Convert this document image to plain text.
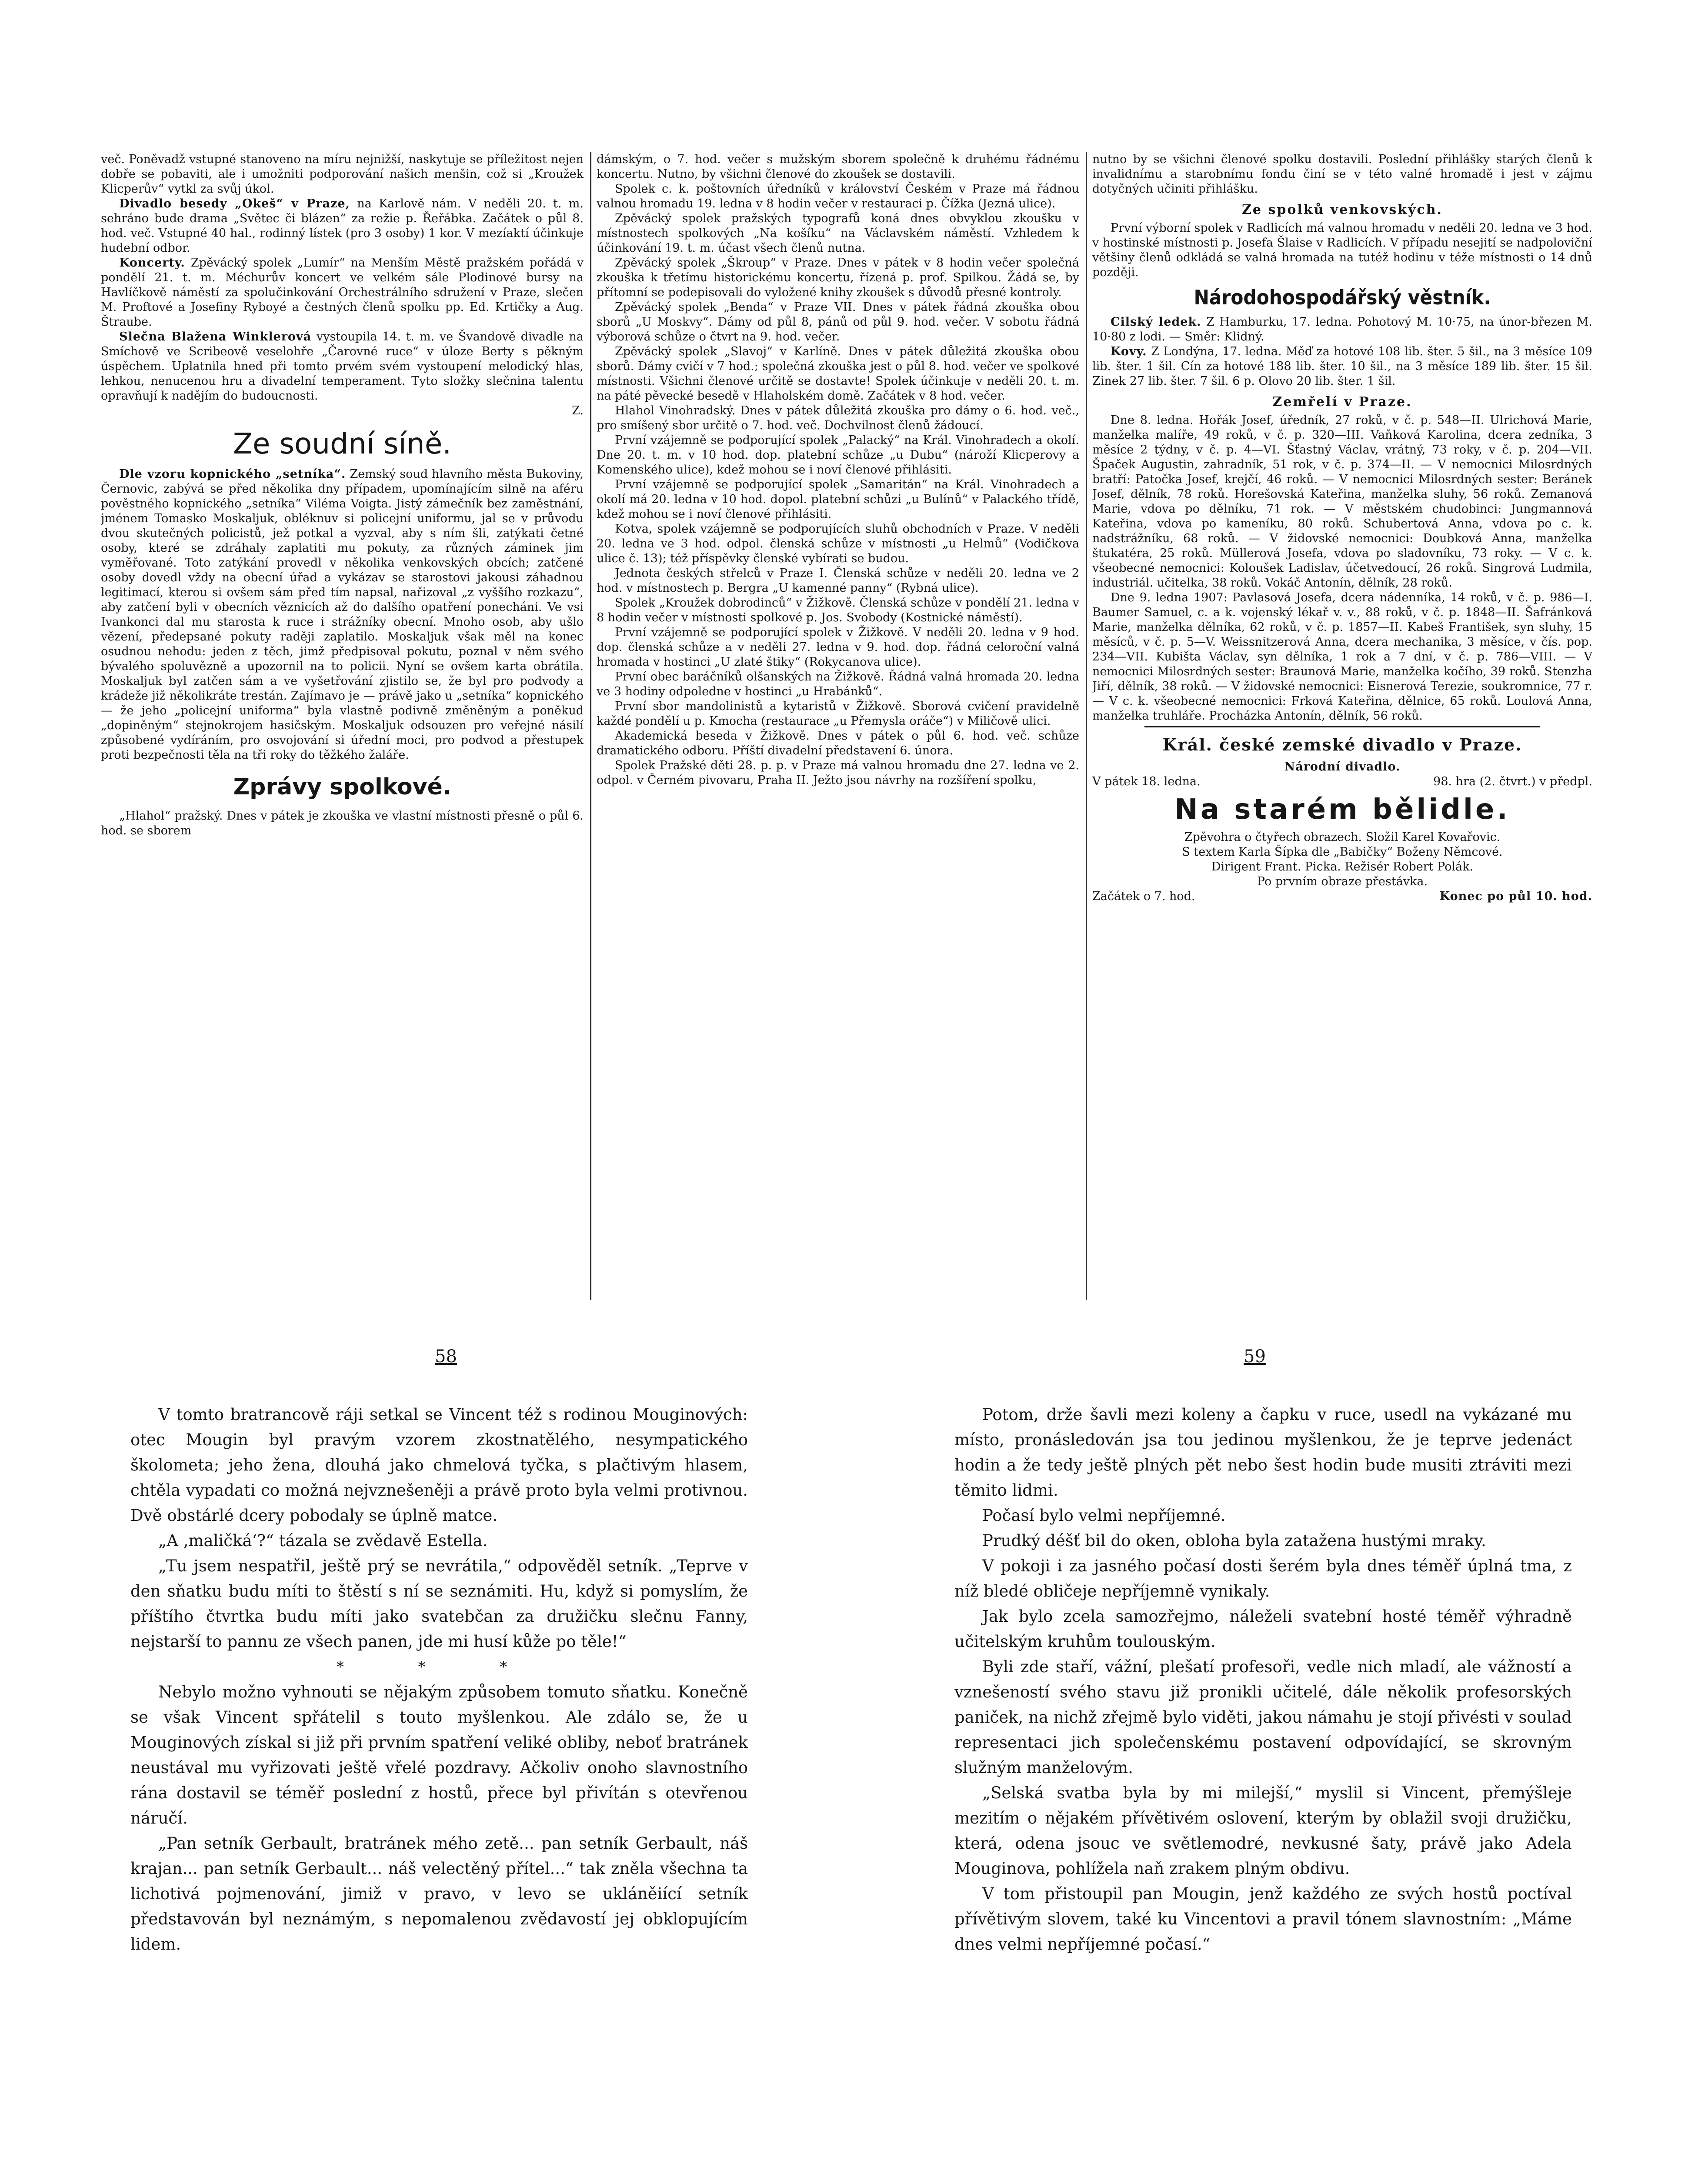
več. Poněvadž vstupné stanoveno na míru nejnižší, naskytuje se příležitost nejen dobře se pobaviti, ale i umožniti podporování našich menšin, což si „Kroužek Klicperův“ vytkl za svůj úkol.

Divadlo besedy „Okeš“ v Praze, na Karlově nám. V neděli 20. t. m. sehráno bude drama „Světec či blázen“ za režie p. Řeřábka. Začátek o půl 8. hod. več. Vstupné 40 hal., rodinný lístek (pro 3 osoby) 1 kor. V mezíaktí účinkuje hudební odbor.

Koncerty. Zpěvácký spolek „Lumír“ na Menším Městě pražském pořádá v pondělí 21. t. m. Méchurův koncert ve velkém sále Plodinové bursy na Havlíčkově náměstí za spolučinkování Orchestrálního sdružení v Praze, slečen M. Proftové a Josefiny Ryboyé a čestných členů spolku pp. Ed. Krtičky a Aug. Štraube.

Slečna Blažena Winklerová vystoupila 14. t. m. ve Švandově divadle na Smíchově ve Scribeově veselohře „Čarovné ruce“ v úloze Berty s pěkným úspěchem. Uplatnila hned při tomto prvém svém vystoupení melodický hlas, lehkou, nenucenou hru a divadelní temperament. Tyto složky slečnina talentu opravňují k nadějím do budoucnosti.

Z.

Ze soudní síně.

Dle vzoru kopnického „setníka“. Zemský soud hlavního města Bukoviny, Černovic, zabývá se před několika dny případem, upomínajícím silně na aféru pověstného kopnického „setníka“ Viléma Voigta. Jistý zámečník bez zaměstnání, jménem Tomasko Moskaljuk, obléknuv si policejní uniformu, jal se v průvodu dvou skutečných policistů, jež potkal a vyzval, aby s ním šli, zatýkati četné osoby, které se zdráhaly zaplatiti mu pokuty, za různých záminek jim vyměřované. Toto zatýkání provedl v několika venkovských obcích; zatčené osoby dovedl vždy na obecní úřad a vykázav se starostovi jakousi záhadnou legitimací, kterou si ovšem sám před tím napsal, nařizoval „z vyššího rozkazu“, aby zatčení byli v obecních věznicích až do dalšího opatření ponecháni. Ve vsi Ivankonci dal mu starosta k ruce i strážníky obecní. Mnoho osob, aby ušlo vězení, předepsané pokuty raději zaplatilo. Moskaljuk však měl na konec osudnou nehodu: jeden z těch, jimž předpisoval pokutu, poznal v něm svého bývalého spoluvězně a upozornil na to policii. Nyní se ovšem karta obrátila. Moskaljuk byl zatčen sám a ve vyšetřování zjistilo se, že byl pro podvody a krádeže již několikráte trestán. Zajímavo je — právě jako u „setníka“ kopnického — že jeho „policejní uniforma“ byla vlastně podivně změněným a poněkud „dopiněným“ stejnokrojem hasičským. Moskaljuk odsouzen pro veřejné násilí způsobené vydíráním, pro osvojování si úřední moci, pro podvod a přestupek proti bezpečnosti těla na tři roky do těžkého žaláře.

Zprávy spolkové.

„Hlahol“ pražský. Dnes v pátek je zkouška ve vlastní místnosti přesně o půl 6. hod. se sborem

dámským, o 7. hod. večer s mužským sborem společně k druhému řádnému koncertu. Nutno, by všichni členové do zkoušek se dostavili.

Spolek c. k. poštovních úředníků v království Českém v Praze má řádnou valnou hromadu 19. ledna v 8 hodin večer v restauraci p. Čížka (Jezná ulice).

Zpěvácký spolek pražských typografů koná dnes obvyklou zkoušku v místnostech spolkových „Na košíku“ na Václavském náměstí. Vzhledem k účinkování 19. t. m. účast všech členů nutna.

Zpěvácký spolek „Škroup“ v Praze. Dnes v pátek v 8 hodin večer společná zkouška k třetímu historickému koncertu, řízená p. prof. Spilkou. Žádá se, by přítomní se podepisovali do vyložené knihy zkoušek s důvodů přesné kontroly.

Zpěvácký spolek „Benda“ v Praze VII. Dnes v pátek řádná zkouška obou sborů „U Moskvy“. Dámy od půl 8, pánů od půl 9. hod. večer. V sobotu řádná výborová schůze o čtvrt na 9. hod. večer.

Zpěvácký spolek „Slavoj“ v Karlíně. Dnes v pátek důležitá zkouška obou sborů. Dámy cvičí v 7 hod.; společná zkouška jest o půl 8. hod. večer ve spolkové místnosti. Všichni členové určitě se dostavte! Spolek účinkuje v neděli 20. t. m. na páté pěvecké besedě v Hlaholském domě. Začátek v 8 hod. večer.

Hlahol Vinohradský. Dnes v pátek důležitá zkouška pro dámy o 6. hod. več., pro smíšený sbor určitě o 7. hod. več. Dochvilnost členů žádoucí.

První vzájemně se podporující spolek „Palacký“ na Král. Vinohradech a okolí. Dne 20. t. m. v 10 hod. dop. platební schůze „u Dubu“ (nároží Klicperovy a Komenského ulice), kdež mohou se i noví členové přihlásiti.

První vzájemně se podporující spolek „Samaritán“ na Král. Vinohradech a okolí má 20. ledna v 10 hod. dopol. platební schůzi „u Bulínů“ v Palackého třídě, kdež mohou se i noví členové přihlásiti.

Kotva, spolek vzájemně se podporujících sluhů obchodních v Praze. V neděli 20. ledna ve 3 hod. odpol. členská schůze v místnosti „u Helmů“ (Vodičkova ulice č. 13); též příspěvky členské vybírati se budou.

Jednota českých střelců v Praze I. Členská schůze v neděli 20. ledna ve 2 hod. v místnostech p. Bergra „U kamenné panny“ (Rybná ulice).

Spolek „Kroužek dobrodinců“ v Žižkově. Členská schůze v pondělí 21. ledna v 8 hodin večer v místnosti spolkové p. Jos. Svobody (Kostnické náměstí).

První vzájemně se podporující spolek v Žižkově. V neděli 20. ledna v 9 hod. dop. členská schůze a v neděli 27. ledna v 9. hod. dop. řádná celoroční valná hromada v hostinci „U zlaté štiky“ (Rokycanova ulice).

První obec baráčníků olšanských na Žižkově. Řádná valná hromada 20. ledna ve 3 hodiny odpoledne v hostinci „u Hrabánků“.

První sbor mandolinistů a kytaristů v Žižkově. Sborová cvičení pravidelně každé pondělí u p. Kmocha (restaurace „u Přemysla oráče“) v Miličově ulici.

Akademická beseda v Žižkově. Dnes v pátek o půl 6. hod. več. schůze dramatického odboru. Příští divadelní představení 6. února.

Spolek Pražské děti 28. p. p. v Praze má valnou hromadu dne 27. ledna ve 2. odpol. v Černém pivovaru, Praha II. Ježto jsou návrhy na rozšíření spolku,

nutno by se všichni členové spolku dostavili. Poslední přihlášky starých členů k invalidnímu a starobnímu fondu činí se v této valné hromadě i jest v zájmu dotyčných učiniti přihlášku.

Ze spolků venkovských.

První výborní spolek v Radlicích má valnou hromadu v neděli 20. ledna ve 3 hod. v hostinské místnosti p. Josefa Šlaise v Radlicích. V případu nesejití se nadpoloviční většiny členů odkládá se valná hromada na tutéž hodinu v téže místnosti o 14 dnů později.

Národohospodářský věstník.

Cilský ledek. Z Hamburku, 17. ledna. Pohotový M. 10·75, na únor-březen M. 10·80 z lodi. — Směr: Klidný.

Kovy. Z Londýna, 17. ledna. Měď za hotové 108 lib. šter. 5 šil., na 3 měsíce 109 lib. šter. 1 šil. Cín za hotové 188 lib. šter. 10 šil., na 3 měsíce 189 lib. šter. 15 šil. Zinek 27 lib. šter. 7 šil. 6 p. Olovo 20 lib. šter. 1 šil.

Zemřelí v Praze.

Dne 8. ledna. Hořák Josef, úředník, 27 roků, v č. p. 548—II. Ulrichová Marie, manželka malíře, 49 roků, v č. p. 320—III. Vaňková Karolina, dcera zedníka, 3 měsíce 2 týdny, v č. p. 4—VI. Šťastný Václav, vrátný, 73 roky, v č. p. 204—VII. Špaček Augustin, zahradník, 51 rok, v č. p. 374—II. — V nemocnici Milosrdných bratří: Patočka Josef, krejčí, 46 roků. — V nemocnici Milosrdných sester: Beránek Josef, dělník, 78 roků. Horešovská Kateřina, manželka sluhy, 56 roků. Zemanová Marie, vdova po dělníku, 71 rok. — V městském chudobinci: Jungmannová Kateřina, vdova po kameníku, 80 roků. Schubertová Anna, vdova po c. k. nadstrážníku, 68 roků. — V židovské nemocnici: Doubková Anna, manželka štukatéra, 25 roků. Müllerová Josefa, vdova po sladovníku, 73 roky. — V c. k. všeobecné nemocnici: Koloušek Ladislav, účetvedoucí, 26 roků. Singrová Ludmila, industriál. učitelka, 38 roků. Vokáč Antonín, dělník, 28 roků.

Dne 9. ledna 1907: Pavlasová Josefa, dcera nádenníka, 14 roků, v č. p. 986—I. Baumer Samuel, c. a k. vojenský lékař v. v., 88 roků, v č. p. 1848—II. Šafránková Marie, manželka dělníka, 62 roků, v č. p. 1857—II. Kabeš František, syn sluhy, 15 měsíců, v č. p. 5—V. Weissnitzerová Anna, dcera mechanika, 3 měsíce, v čís. pop. 234—VII. Kubišta Václav, syn dělníka, 1 rok a 7 dní, v č. p. 786—VIII. — V nemocnici Milosrdných sester: Braunová Marie, manželka kočího, 39 roků. Stenzha Jiří, dělník, 38 roků. — V židovské nemocnici: Eisnerová Terezie, soukromnice, 77 r. — V c. k. všeobecné nemocnici: Frková Kateřina, dělnice, 65 roků. Loulová Anna, manželka truhláře. Procházka Antonín, dělník, 56 roků.

Král. české zemské divadlo v Praze.

Národní divadlo.

V pátek 18. ledna.	98. hra (2. čtvrt.) v předpl.

Na starém bělidle.

Zpěvohra o čtyřech obrazech. Složil Karel Kovařovic.

S textem Karla Šípka dle „Babičky“ Boženy Němcové.

Dirigent Frant. Picka. Režisér Robert Polák.

Po prvním obraze přestávka.

Začátek o 7. hod.	Konec po půl 10. hod.

58	59

V tomto bratrancově ráji setkal se Vincent též s rodinou Mouginových: otec Mougin byl pravým vzorem zkostnatělého, nesympatického školometa; jeho žena, dlouhá jako chmelová tyčka, s plačtivým hlasem, chtěla vypadati co možná nejvznešeněji a právě proto byla velmi protivnou. Dvě obstárlé dcery pobodaly se úplně matce.

„A ,maličká‘?“ tázala se zvědavě Estella.

„Tu jsem nespatřil, ještě prý se nevrátila,“ odpověděl setník. „Teprve v den sňatku budu míti to štěstí s ní se seznámiti. Hu, když si pomyslím, že příštího čtvrtka budu míti jako svatebčan za družičku slečnu Fanny, nejstarší to pannu ze všech panen, jde mi husí kůže po těle!“

* * *

Nebylo možno vyhnouti se nějakým způsobem tomuto sňatku. Konečně se však Vincent spřátelil s touto myšlenkou. Ale zdálo se, že u Mouginových získal si již při prvním spatření veliké obliby, neboť bratránek neustával mu vyřizovati ještě vřelé pozdravy. Ačkoliv onoho slavnostního rána dostavil se téměř poslední z hostů, přece byl přivítán s otevřenou náručí.

„Pan setník Gerbault, bratránek mého zetě... pan setník Gerbault, náš krajan... pan setník Gerbault... náš velectěný přítel...“ tak zněla všechna ta lichotivá pojmenování, jimiž v pravo, v levo se ukláněiící setník představován byl neznámým, s nepomalenou zvědavostí jej obklopujícím lidem.

Potom, drže šavli mezi koleny a čapku v ruce, usedl na vykázané mu místo, pronásledován jsa tou jedinou myšlenkou, že je teprve jedenáct hodin a že tedy ještě plných pět nebo šest hodin bude musiti ztráviti mezi těmito lidmi.

Počasí bylo velmi nepříjemné.

Prudký déšť bil do oken, obloha byla zatažena hustými mraky.

V pokoji i za jasného počasí dosti šerém byla dnes téměř úplná tma, z níž bledé obličeje nepříjemně vynikaly.

Jak bylo zcela samozřejmo, náleželi svatební hosté téměř výhradně učitelským kruhům toulouským.

Byli zde staří, vážní, plešatí profesoři, vedle nich mladí, ale vážností a vznešeností svého stavu již pronikli učitelé, dále několik profesorských paniček, na nichž zřejmě bylo viděti, jakou námahu je stojí přivésti v soulad representaci jich společenskému postavení odpovídající, se skrovným služným manželovým.

„Selská svatba byla by mi milejší,“ myslil si Vincent, přemýšleje mezitím o nějakém přívětivém oslovení, kterým by oblažil svoji družičku, která, odena jsouc ve světlemodré, nevkusné šaty, právě jako Adela Mouginova, pohlížela naň zrakem plným obdivu.

V tom přistoupil pan Mougin, jenž každého ze svých hostů poctíval přívětivým slovem, také ku Vincentovi a pravil tónem slavnostním: „Máme dnes velmi nepříjemné počasí.“
